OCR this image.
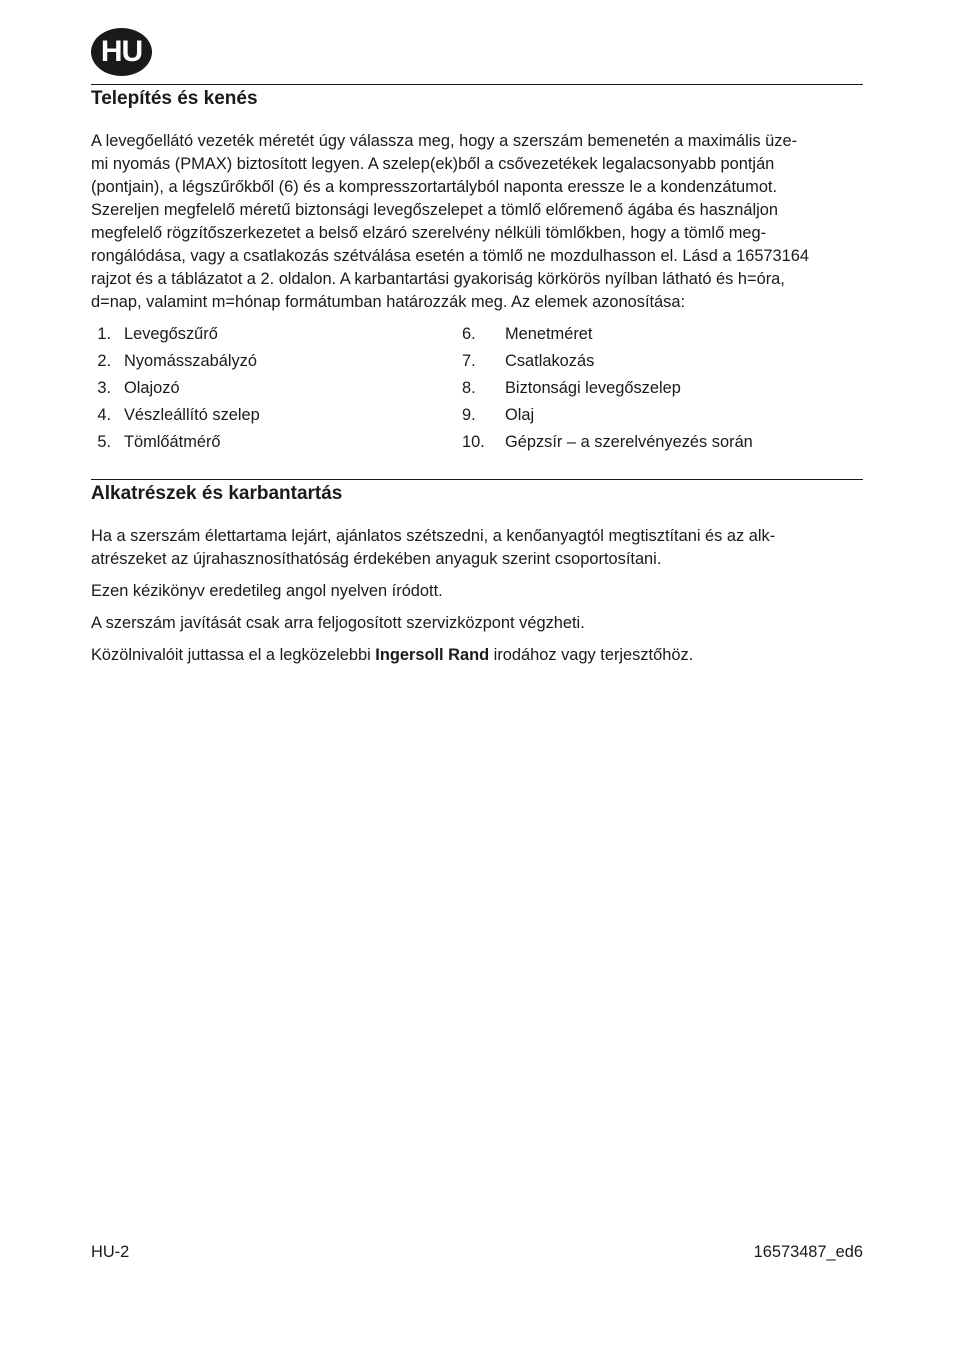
HU
Telepítés és kenés

A levegőellátó vezeték méretét úgy válassza meg, hogy a szerszám bemenetén a maximális üze-

mi nyomás (PMAX) biztosított legyen. A szelep(ek)ből a csővezetékek legalacsonyabb pontján

(pontjain), a légszűrőkből (6) és a kompresszortartályból naponta eressze le a kondenzátumot.

Szereljen megfelelő méretű biztonsági levegőszelepet a tömlő előremenő ágába és használjon

megfelelő rögzítőszerkezetet a belső elzáró szerelvény nélküli tömlőkben, hogy a tömlő meg-

rongálódása, vagy a csatlakozás szétválása esetén a tömlő ne mozdulhasson el. Lásd a 16573164

rajzot és a táblázatot a 2. oldalon. A karbantartási gyakoriság körkörös nyílban látható és h=óra,

d=nap, valamint m=hónap formátumban határozzák meg. Az elemek azonosítása:

1. Levegőszűrő
2. Nyomásszabályzó
3. Olajozó
4. Vészleállító szelep
5. Tömlőátmérő
6. Menetméret
7. Csatlakozás
8. Biztonsági levegőszelep
9. Olaj
10. Gépzsír – a szerelvényezés során
Alkatrészek és karbantartás

Ha a szerszám élettartama lejárt, ajánlatos szétszedni, a kenőanyagtól megtisztítani és az alk-
atrészeket az újrahasznosíthatóság érdekében anyaguk szerint csoportosítani.

Ezen kézikönyv eredetileg angol nyelven íródott.

A szerszám javítását csak arra feljogosított szervizközpont végzheti.

Közölnivalóit juttassa el a legközelebbi Ingersoll Rand irodához vagy terjesztőhöz.

HU-2	16573487_ed6
